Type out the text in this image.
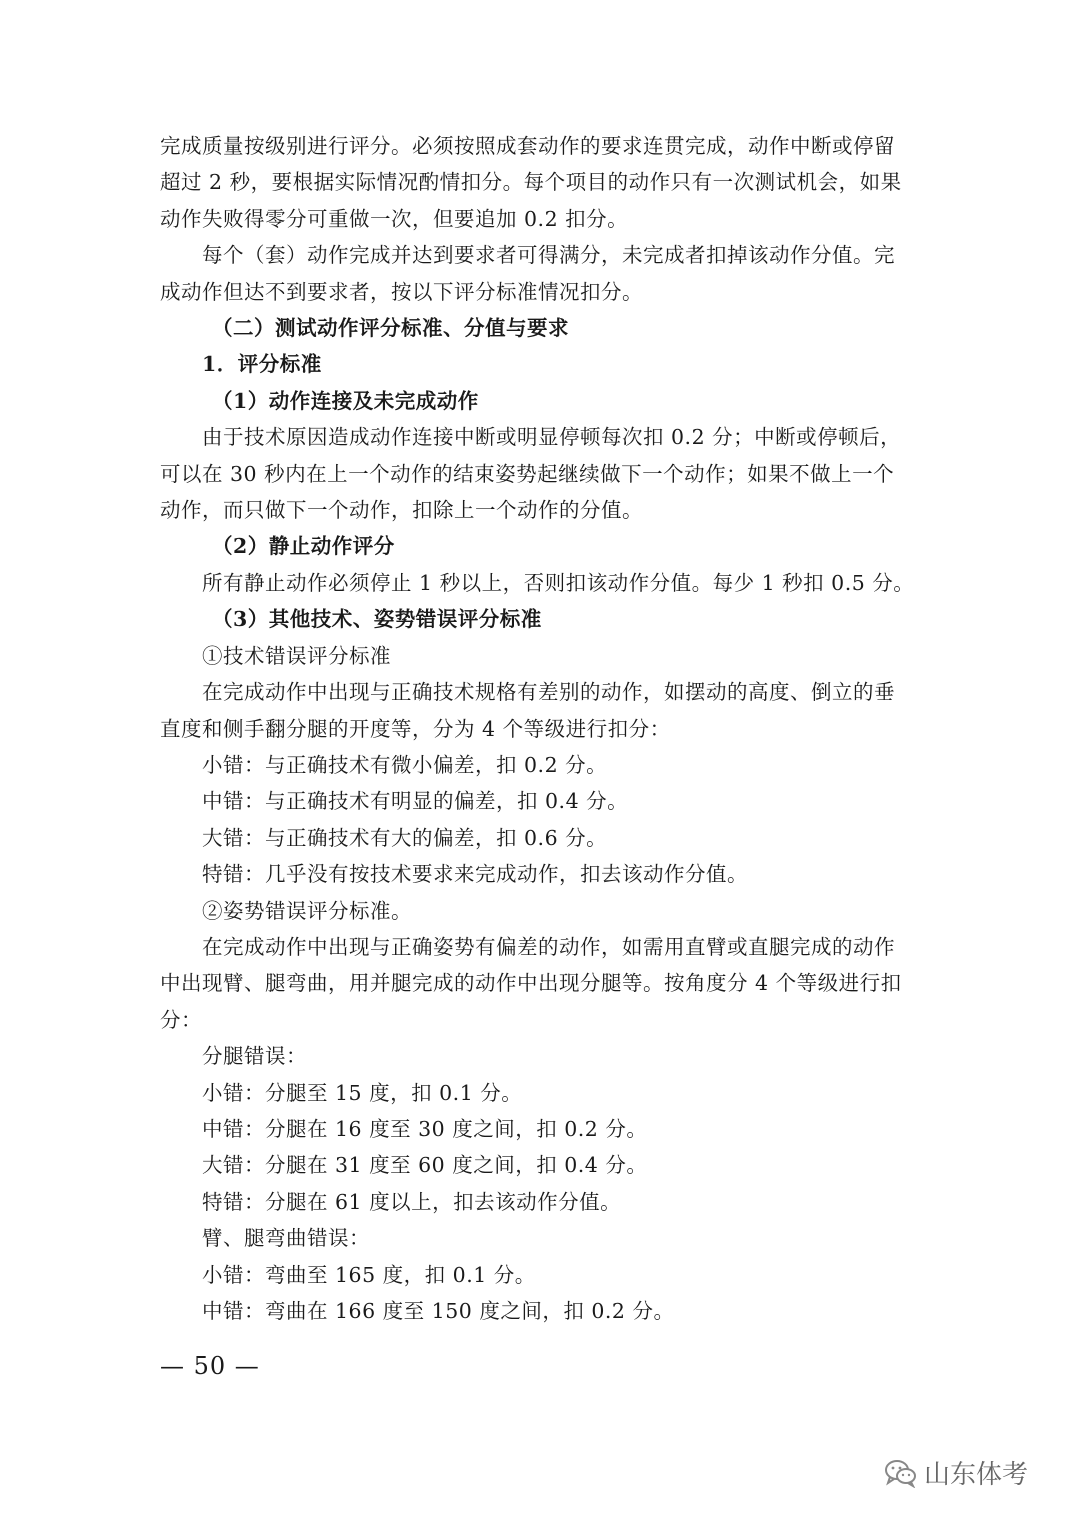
完成质量按级别进行评分。必须按照成套动作的要求连贯完成，动作中断或停留

超过 2 秒，要根据实际情况酌情扣分。每个项目的动作只有一次测试机会，如果

动作失败得零分可重做一次，但要追加 0.2 扣分。

每个（套）动作完成并达到要求者可得满分，未完成者扣掉该动作分值。完

成动作但达不到要求者，按以下评分标准情况扣分。

（二）测试动作评分标准、分值与要求

1．评分标准

（1）动作连接及未完成动作

由于技术原因造成动作连接中断或明显停顿每次扣 0.2 分；中断或停顿后，

可以在 30 秒内在上一个动作的结束姿势起继续做下一个动作；如果不做上一个

动作，而只做下一个动作，扣除上一个动作的分值。

（2）静止动作评分

所有静止动作必须停止 1 秒以上，否则扣该动作分值。每少 1 秒扣 0.5 分。

（3）其他技术、姿势错误评分标准

①技术错误评分标准

在完成动作中出现与正确技术规格有差别的动作，如摆动的高度、倒立的垂

直度和侧手翻分腿的开度等，分为 4 个等级进行扣分：

小错：与正确技术有微小偏差，扣 0.2 分。

中错：与正确技术有明显的偏差，扣 0.4 分。

大错：与正确技术有大的偏差，扣 0.6 分。

特错：几乎没有按技术要求来完成动作，扣去该动作分值。

②姿势错误评分标准。

在完成动作中出现与正确姿势有偏差的动作，如需用直臂或直腿完成的动作

中出现臂、腿弯曲，用并腿完成的动作中出现分腿等。按角度分 4 个等级进行扣

分：

分腿错误：

小错：分腿至 15 度，扣 0.1 分。

中错：分腿在 16 度至 30 度之间，扣 0.2 分。

大错：分腿在 31 度至 60 度之间，扣 0.4 分。

特错：分腿在 61 度以上，扣去该动作分值。

臂、腿弯曲错误：

小错：弯曲至 165 度，扣 0.1 分。

中错：弯曲在 166 度至 150 度之间，扣 0.2 分。

— 50 —
山东体考
